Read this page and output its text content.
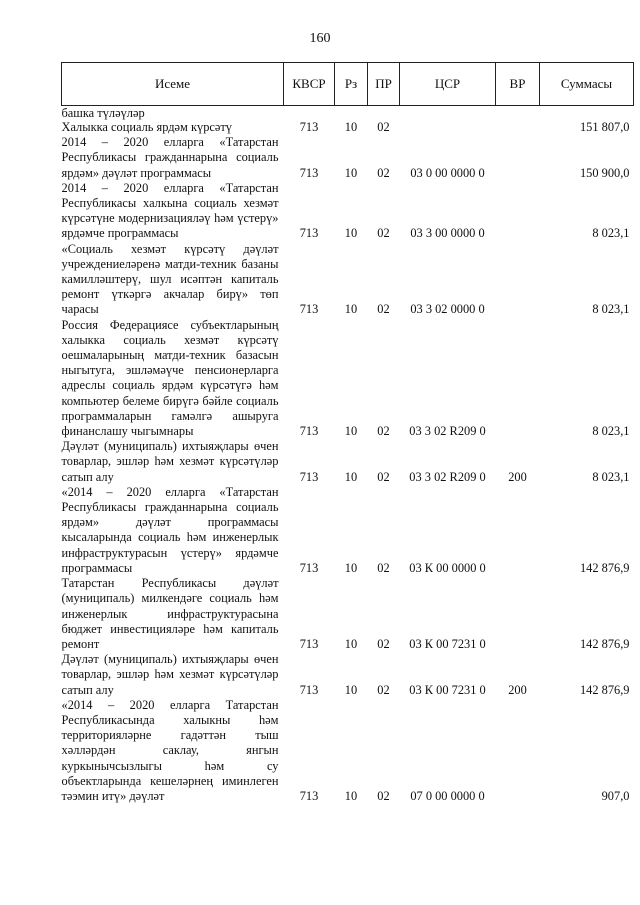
160
Исеме	КВСР	Рз	ПР	ЦСР	ВР	Суммасы
башка түләүләр						
Халыкка социаль ярдәм күрсәтү	713	10	02			151 807,0
2014 – 2020 елларга «Татарстан Республикасы гражданнарына социаль ярдәм» дәүләт программасы	713	10	02	03 0 00 0000 0		150 900,0
2014 – 2020 елларга «Татарстан Республикасы халкына социаль хезмәт күрсәтүне модернизацияләү һәм үстерү» ярдәмче программасы	713	10	02	03 3 00 0000 0		8 023,1
«Социаль хезмәт күрсәтү дәүләт учреждениеләренә матди-техник базаны камилләштерү, шул исәптән капиталь ремонт үткәргә акчалар бирү» төп чарасы	713	10	02	03 3 02 0000 0		8 023,1
Россия Федерациясе субъектларының халыкка социаль хезмәт күрсәтү оешмаларының матди-техник базасын ныгытуга, эшләмәүче пенсионерларга адреслы социаль ярдәм күрсәтүгә һәм компьютер белеме бирүгә бәйле социаль программаларын гамәлгә ашыруга финанслашу чыгымнары	713	10	02	03 3 02 R209 0		8 023,1
Дәүләт (муниципаль) ихтыяҗлары өчен товарлар, эшләр һәм хезмәт күрсәтүләр сатып алу	713	10	02	03 3 02 R209 0	200	8 023,1
«2014 – 2020 елларга «Татарстан Республикасы гражданнарына социаль ярдәм» дәүләт программасы кысаларында социаль һәм инженерлык инфраструктурасын үстерү» ярдәмче программасы	713	10	02	03 К 00 0000 0		142 876,9
Татарстан Республикасы дәүләт (муниципаль) милкендәге социаль һәм инженерлык инфраструктурасына бюджет инвестицияләре һәм капиталь ремонт	713	10	02	03 К 00 7231 0		142 876,9
Дәүләт (муниципаль) ихтыяҗлары өчен товарлар, эшләр һәм хезмәт күрсәтүләр сатып алу	713	10	02	03 К 00 7231 0	200	142 876,9
«2014 – 2020 елларга Татарстан Республикасында халыкны һәм территорияләрне гадәттән тыш хәлләрдән саклау, янгын куркынычсызлыгы һәм су объектларында кешеләрнең иминлеген тәэмин итү» дәүләт	713	10	02	07 0 00 0000 0		907,0
